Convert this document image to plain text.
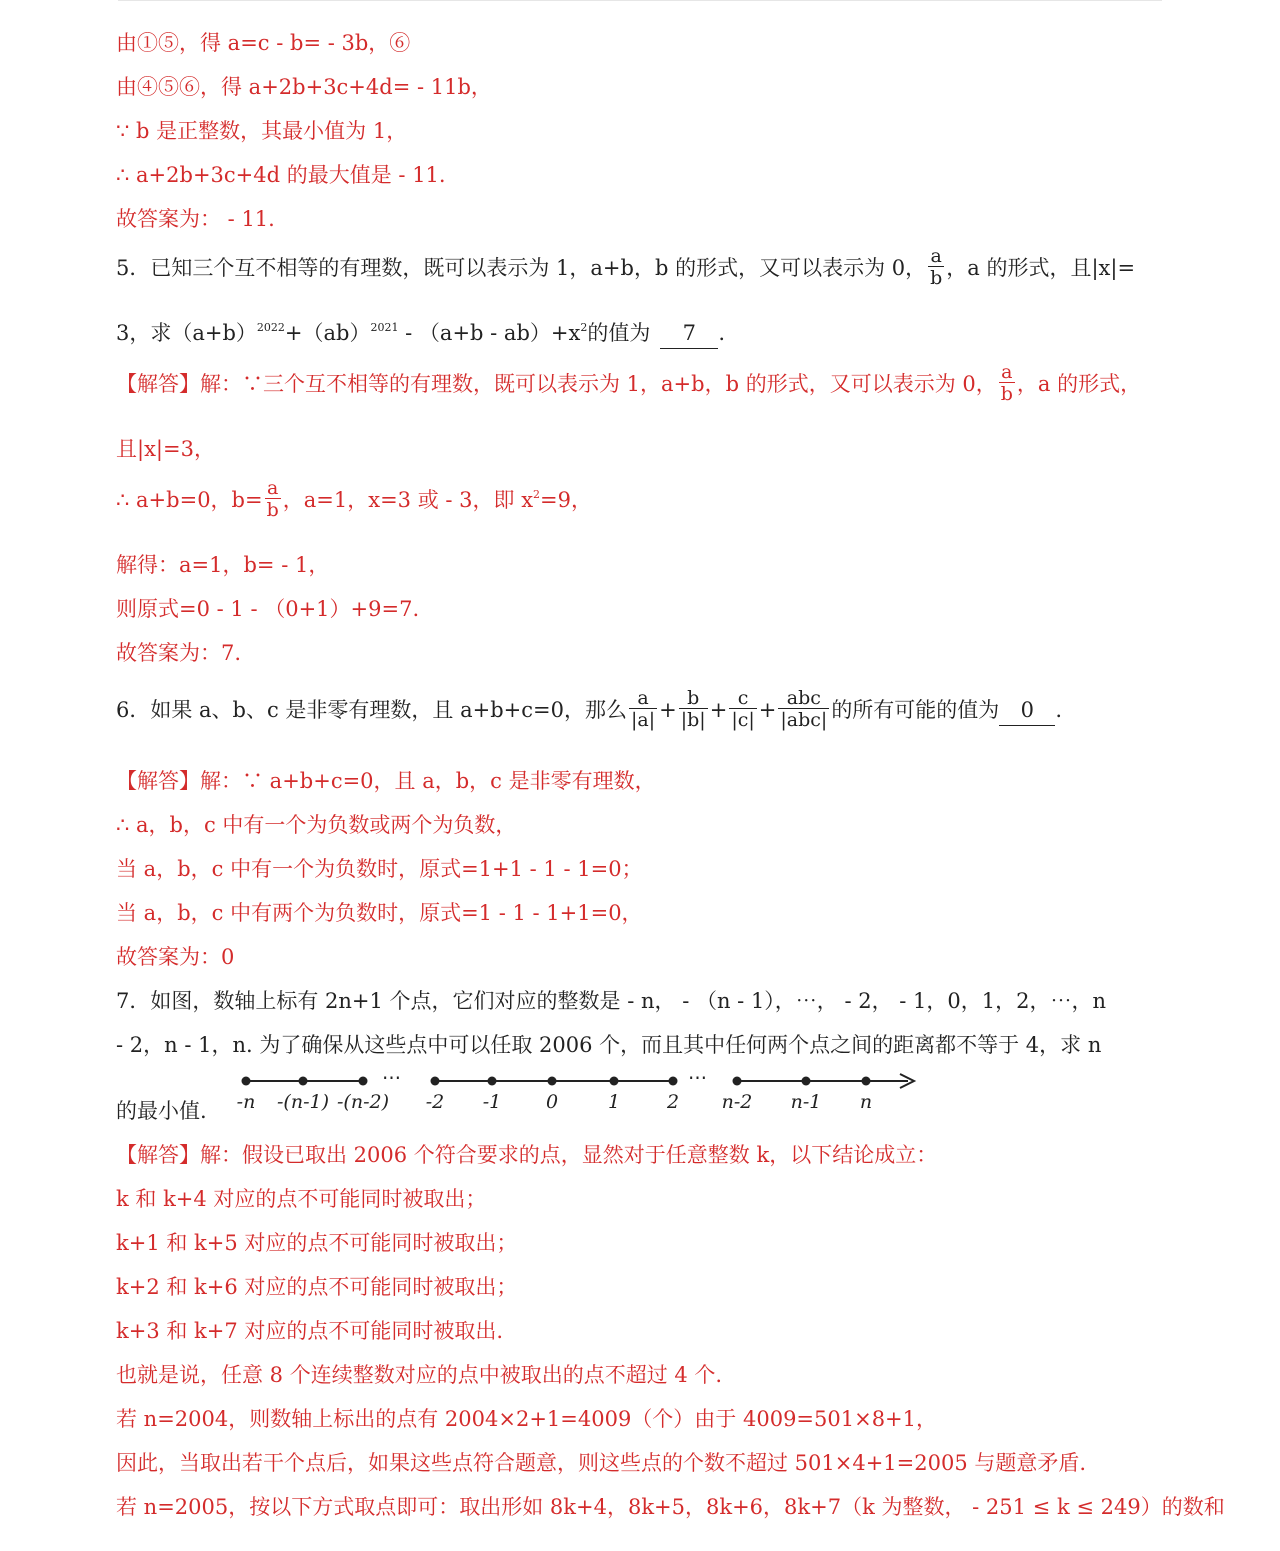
由①⑤，得 a=c - b= - 3b，⑥
由④⑤⑥，得 a+2b+3c+4d= - 11b，
∵ b 是正整数，其最小值为 1，
∴ a+2b+3c+4d 的最大值是 - 11.
故答案为： - 11.
5．已知三个互不相等的有理数，既可以表示为 1，a+b，b 的形式，又可以表示为 0， $\frac{a}{b}$ ，a 的形式，且|x|=
3，求$(a+b)^{2022}+(ab)^{2021} - (a+b - ab)+x^2$的值为 7 .
【解答】解：∵三个互不相等的有理数，既可以表示为 1，a+b，b 的形式，又可以表示为 0， $\frac{a}{b}$ ，a 的形式，
且|x|=3，
∴ a+b=0，$b= \frac{a}{b}$ ，a=1，x=3 或 - 3，即 $x^2=9$，
解得：a=1，b= - 1，
则原式=0 - 1 - （0+1）+9=7.
故答案为：7.
6．如果 a、b、c 是非零有理数，且 a+b+c=0，那么 $\frac{a}{|a|} + \frac{b}{|b|} + \frac{c}{|c|} + \frac{\text{abc}}{\text{|abc|}}$ 的所有可能的值为 0 .
【解答】解：∵ a+b+c=0，且 a，b，c 是非零有理数，
∴ a，b，c 中有一个为负数或两个为负数，
当 a，b，c 中有一个为负数时，原式=1+1 - 1 - 1=0；
当 a，b，c 中有两个为负数时，原式=1 - 1 - 1+1=0，
故答案为：0
7．如图，数轴上标有 2n+1 个点，它们对应的整数是 - n， - （n - 1），⋯， - 2， - 1，0，1，2，⋯，n
- 2，n - 1，n. 为了确保从这些点中可以任取 2006 个，而且其中任何两个点之间的距离都不等于 4，求 n
⋯	⋯
-n -(n-1) -(n-2) -2 -1 0	1 2 n-2 n-1 n
的最小值.
【解答】解：假设已取出 2006 个符合要求的点，显然对于任意整数 k，以下结论成立：
k 和 k+4 对应的点不可能同时被取出；
k+1 和 k+5 对应的点不可能同时被取出；
k+2 和 k+6 对应的点不可能同时被取出；
k+3 和 k+7 对应的点不可能同时被取出.
也就是说，任意 8 个连续整数对应的点中被取出的点不超过 4 个.
若 n=2004，则数轴上标出的点有 2004×2+1=4009（个）由于 4009=501×8+1，
因此，当取出若干个点后，如果这些点符合题意，则这些点的个数不超过 501×4+1=2005 与题意矛盾.
若 n=2005，按以下方式取点即可：取出形如 8k+4，8k+5，8k+6，8k+7（k 为整数， - 251 ≤ k ≤ 249）的数和
